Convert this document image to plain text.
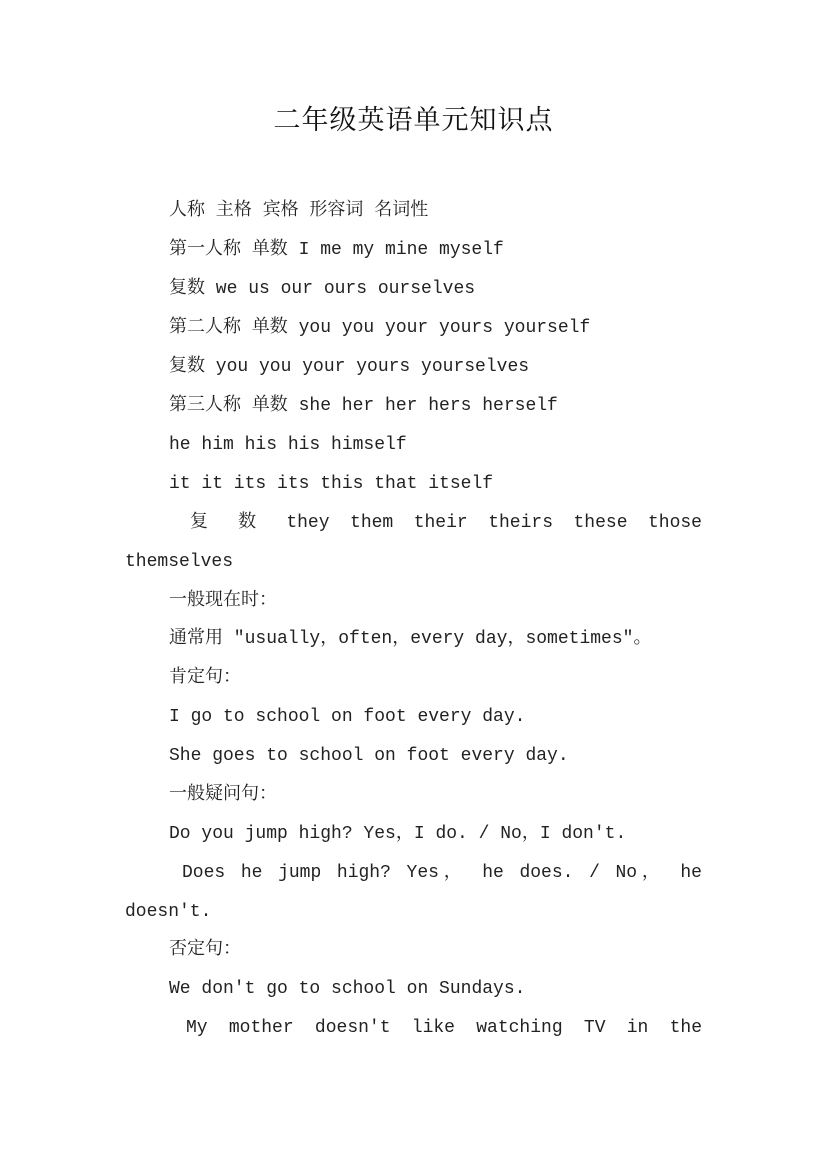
二年级英语单元知识点
人称 主格 宾格 形容词 名词性
第一人称 单数 I me my mine myself
复数 we us our ours ourselves
第二人称 单数 you you your yours yourself
复数 you you your yours yourselves
第三人称 单数 she her her hers herself
he him his his himself
it it its its this that itself
复 数 they them their theirs these those
themselves
一般现在时：
通常用 "usually，often，every day，sometimes"。
肯定句：
I go to school on foot every day.
She goes to school on foot every day.
一般疑问句：
Do you jump high? Yes，I do. / No，I don't.
Does he jump high? Yes， he does. / No， he
doesn't.
否定句：
We don't go to school on Sundays.
My mother doesn't like watching TV in the
